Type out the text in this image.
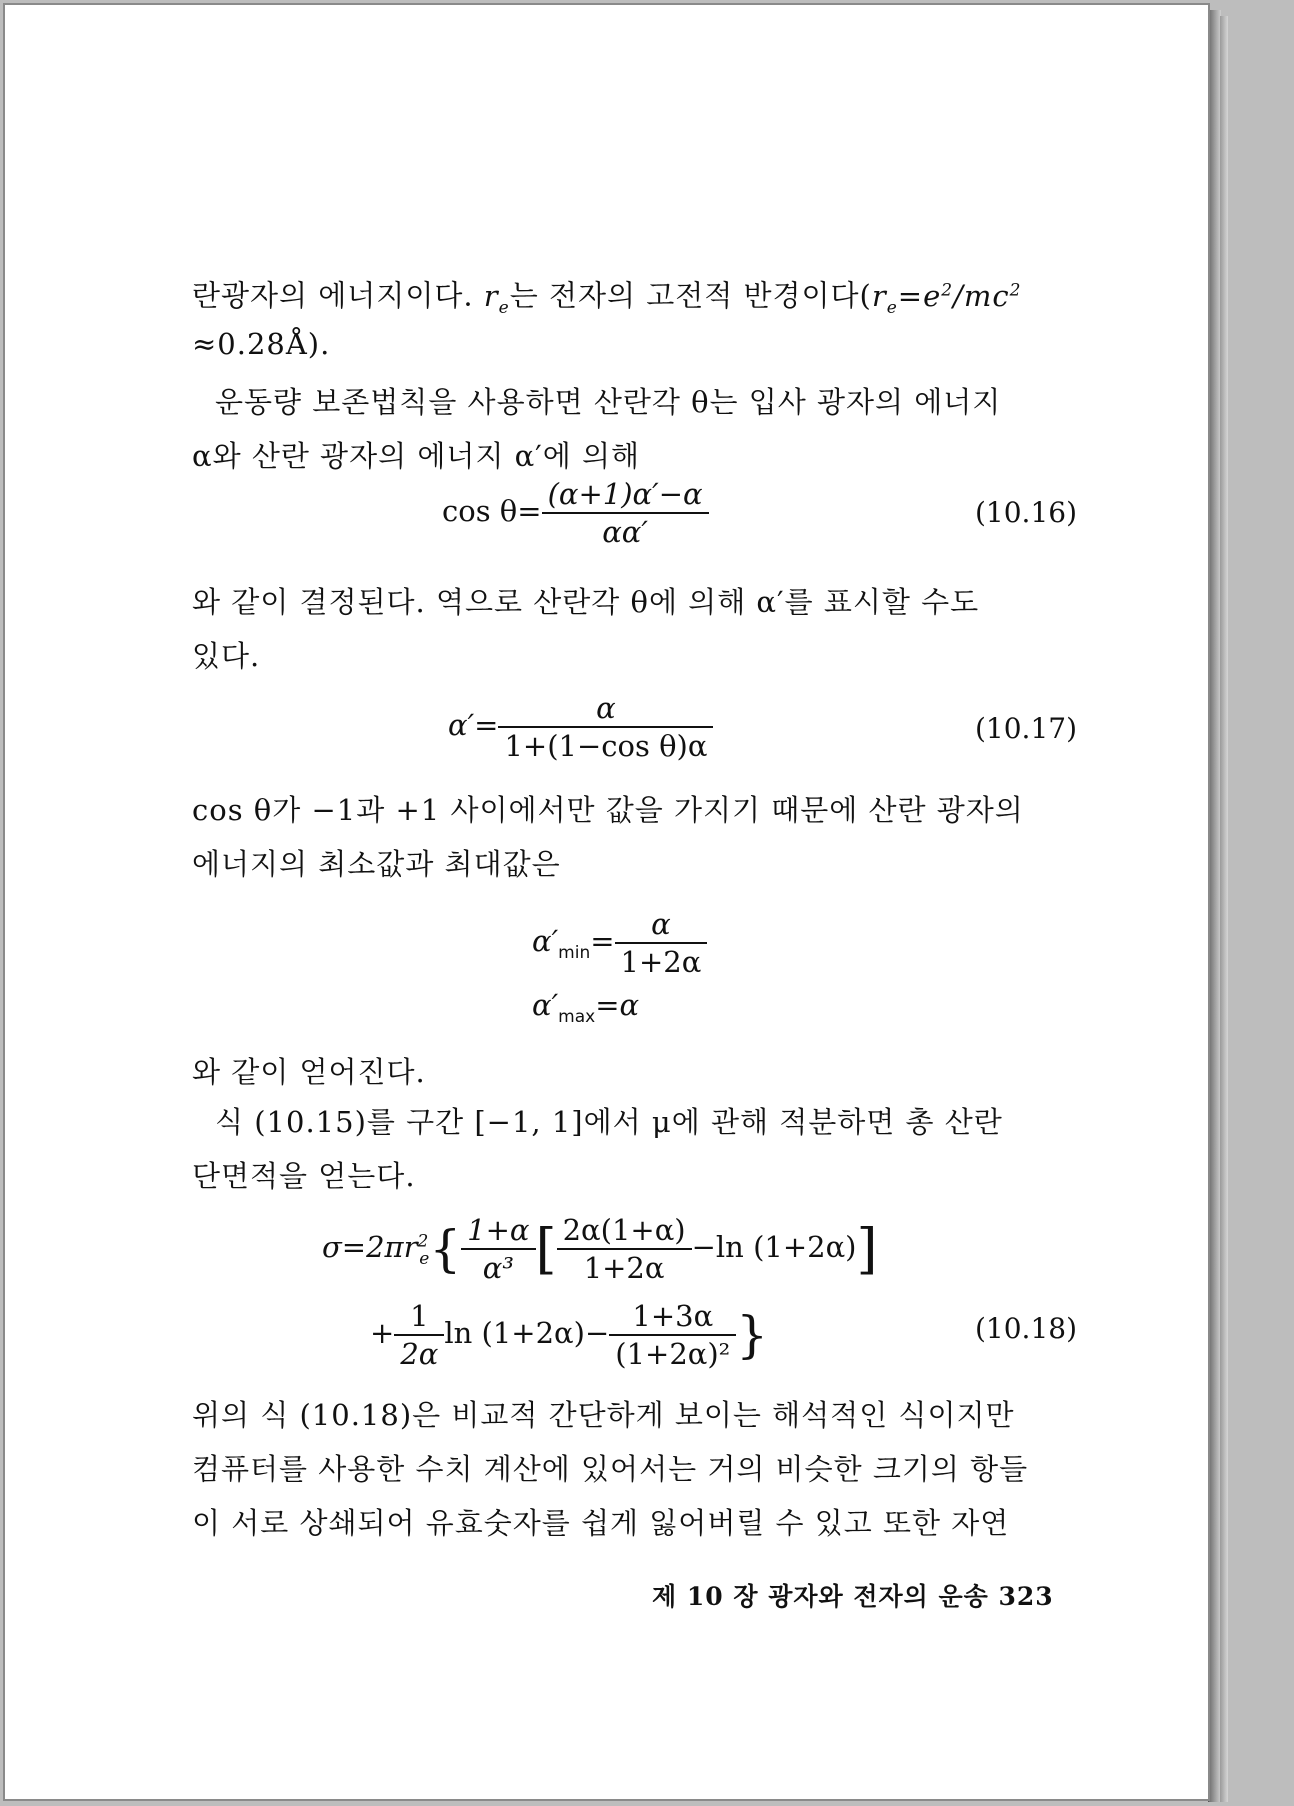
란광자의 에너지이다. $r_e$는 전자의 고전적 반경이다($r_e=e^2/mc^2$
≈0.28Å).
운동량 보존법칙을 사용하면 산란각 θ는 입사 광자의 에너지
α와 산란 광자의 에너지 α′에 의해
$\cos \theta= \frac{(\alpha+1)\alpha'-\alpha}{\alpha\alpha'}$	(10.16)
와 같이 결정된다. 역으로 산란각 θ에 의해 α′를 표시할 수도
있다.
$\alpha'= \frac{\alpha}{\text{1+(1−cos θ)α}}$	(10.17)
cos θ가 −1과 +1 사이에서만 값을 가지기 때문에 산란 광자의
에너지의 최소값과 최대값은
$\alpha'_{min}= \frac{\alpha}{1+2\alpha}$
$\alpha'_{max}=\alpha$
와 같이 얻어진다.
식 (10.15)를 구간 [−1, 1]에서 μ에 관해 적분하면 총 산란
단면적을 얻는다.
$\sigma=2\pi r^2_e\{ \frac{1+\alpha}{\text{α³}}$ [ $\frac{2\alpha(1+\alpha)}{1+2\alpha} -\ln$ (1+2α)]
+ $\frac{1}{2\alpha}$ $\ln (1+2\alpha)- \frac{1+3\alpha}{\text{(1+2α)²}}$ }	(10.18)
위의 식 (10.18)은 비교적 간단하게 보이는 해석적인 식이지만
컴퓨터를 사용한 수치 계산에 있어서는 거의 비슷한 크기의 항들
이 서로 상쇄되어 유효숫자를 쉽게 잃어버릴 수 있고 또한 자연
제 10 장 광자와 전자의 운송 323
